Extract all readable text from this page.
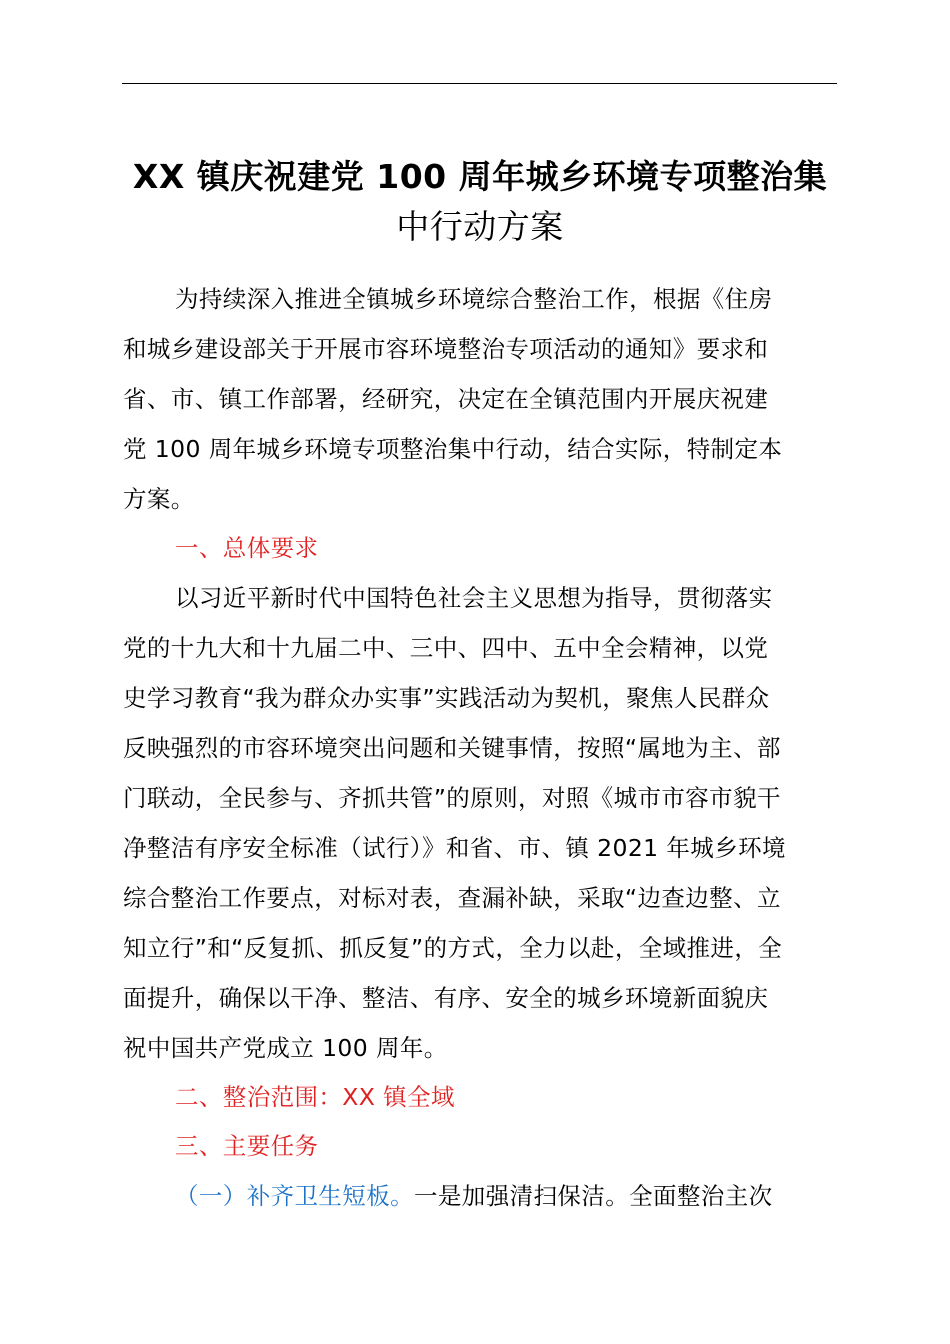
XX 镇庆祝建党 100 周年城乡环境专项整治集
中行动方案
为持续深入推进全镇城乡环境综合整治工作，根据《住房
和城乡建设部关于开展市容环境整治专项活动的通知》要求和
省、市、镇工作部署，经研究，决定在全镇范围内开展庆祝建
党 100 周年城乡环境专项整治集中行动，结合实际，特制定本
方案。
一、总体要求
以习近平新时代中国特色社会主义思想为指导，贯彻落实
党的十九大和十九届二中、三中、四中、五中全会精神，以党
史学习教育“我为群众办实事”实践活动为契机，聚焦人民群众
反映强烈的市容环境突出问题和关键事情，按照“属地为主、部
门联动，全民参与、齐抓共管”的原则，对照《城市市容市貌干
净整洁有序安全标准（试行）》和省、市、镇 2021 年城乡环境
综合整治工作要点，对标对表，查漏补缺，采取“边查边整、立
知立行”和“反复抓、抓反复”的方式，全力以赴，全域推进，全
面提升，确保以干净、整洁、有序、安全的城乡环境新面貌庆
祝中国共产党成立 100 周年。
二、整治范围：XX 镇全域
三、主要任务
（一）补齐卫生短板。一是加强清扫保洁。全面整治主次
